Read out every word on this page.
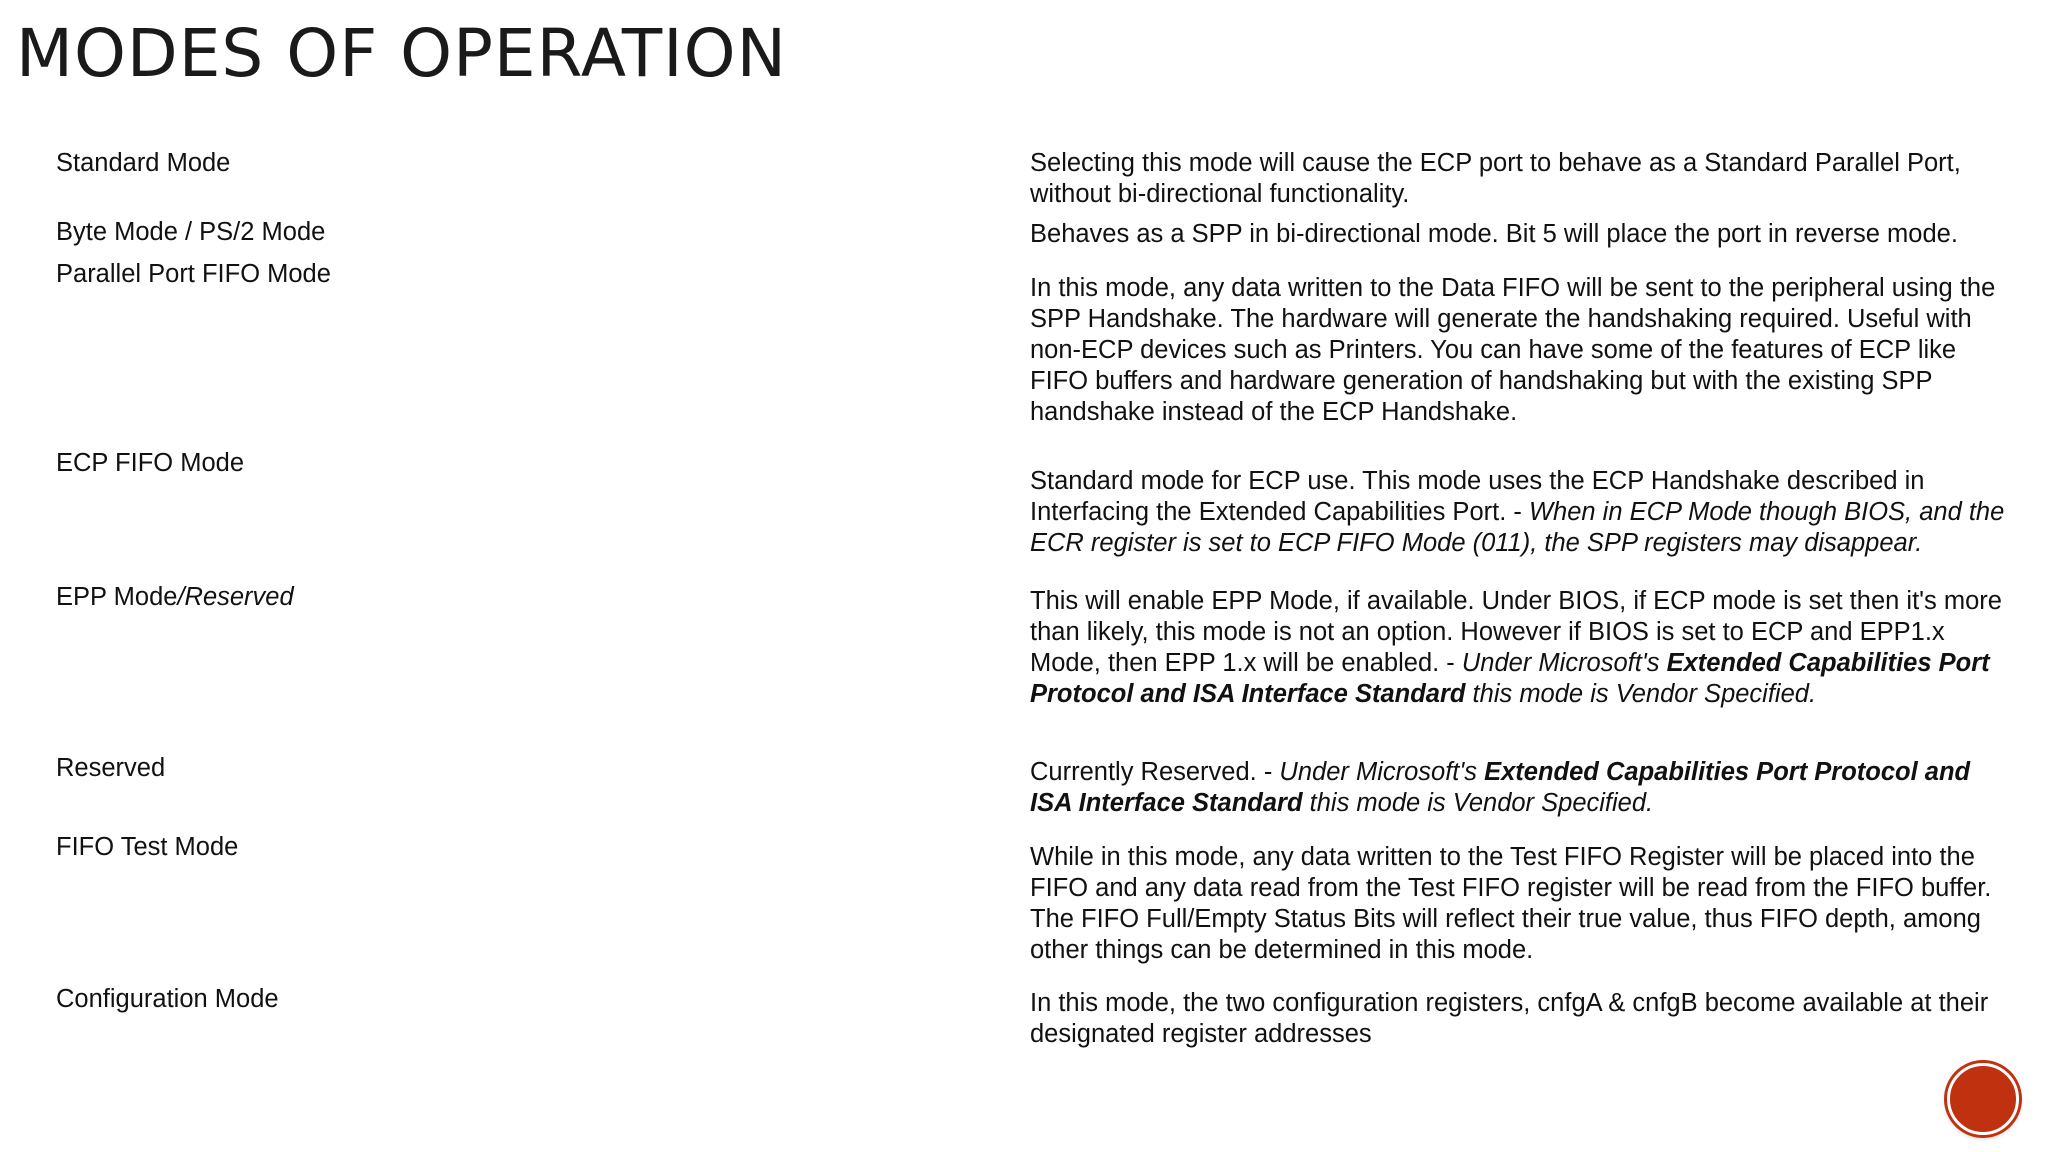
MODES OF OPERATION
Standard Mode
Byte Mode / PS/2 Mode
Parallel Port FIFO Mode
ECP FIFO Mode
EPP Mode/Reserved
Reserved
FIFO Test Mode
Configuration Mode

Selecting this mode will cause the ECP port to behave as a Standard Parallel Port, without bi-directional functionality.

Behaves as a SPP in bi-directional mode. Bit 5 will place the port in reverse mode.

In this mode, any data written to the Data FIFO will be sent to the peripheral using the SPP Handshake. The hardware will generate the handshaking required. Useful with non-ECP devices such as Printers. You can have some of the features of ECP like FIFO buffers and hardware generation of handshaking but with the existing SPP handshake instead of the ECP Handshake.

Standard mode for ECP use. This mode uses the ECP Handshake described in Interfacing the Extended Capabilities Port. - When in ECP Mode though BIOS, and the ECR register is set to ECP FIFO Mode (011), the SPP registers may disappear.

This will enable EPP Mode, if available. Under BIOS, if ECP mode is set then it's more than likely, this mode is not an option. However if BIOS is set to ECP and EPP1.x Mode, then EPP 1.x will be enabled. - Under Microsoft's Extended Capabilities Port Protocol and ISA Interface Standard this mode is Vendor Specified.

Currently Reserved. - Under Microsoft's Extended Capabilities Port Protocol and ISA Interface Standard this mode is Vendor Specified.

While in this mode, any data written to the Test FIFO Register will be placed into the FIFO and any data read from the Test FIFO register will be read from the FIFO buffer. The FIFO Full/Empty Status Bits will reflect their true value, thus FIFO depth, among other things can be determined in this mode.

In this mode, the two configuration registers, cnfgA & cnfgB become available at their designated register addresses
